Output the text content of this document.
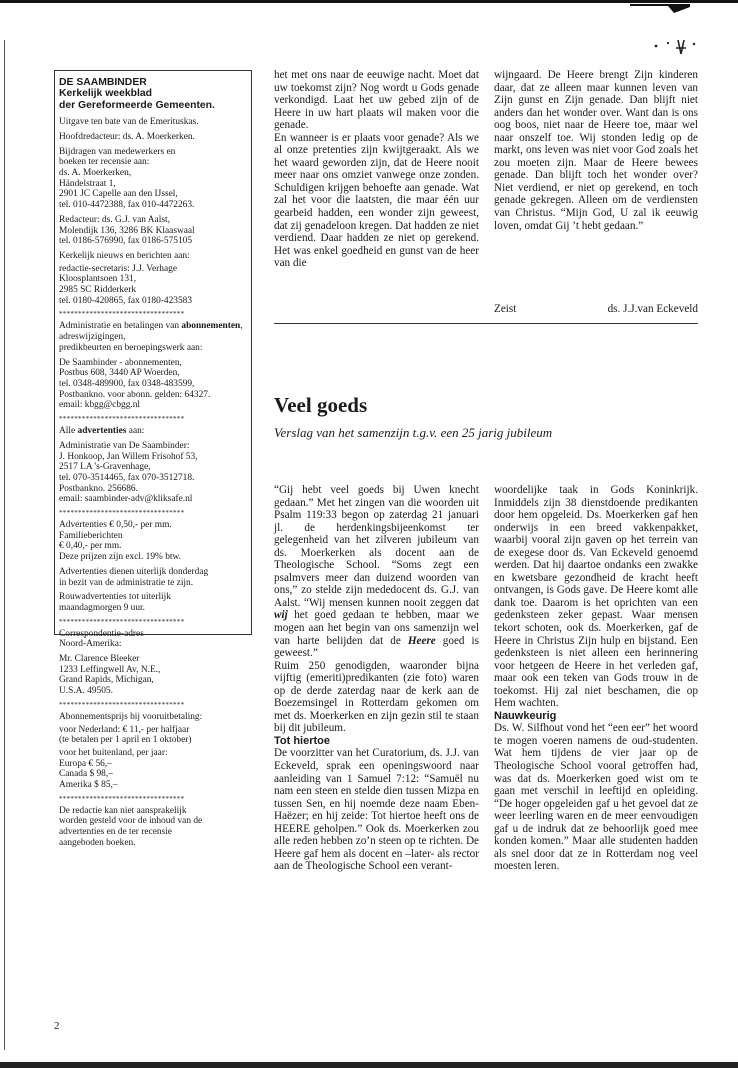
DE SAAMBINDER
Kerkelijk weekblad
der Gereformeerde Gemeenten.

Uitgave ten bate van de Emerituskas.

Hoofdredacteur: ds. A. Moerkerken.

Bijdragen van medewerkers en
boeken ter recensie aan:
ds. A. Moerkerken,
Händelstraat 1,
2901 JC Capelle aan den IJssel,
tel. 010-4472388, fax 010-4472263.

Redacteur: ds. G.J. van Aalst,
Molendijk 136, 3286 BK Klaaswaal
tel. 0186-576990, fax 0186-575105

Kerkelijk nieuws en berichten aan:

redactie-secretaris: J.J. Verhage
Kloosplantsoen 131,
2985 SC Ridderkerk
tel. 0180-420865, fax 0180-423583

*********************************

Administratie en betalingen van abonnementen, adreswijzigingen,
predikbeurten en beroepingswerk aan:

De Saambinder - abonnementen,
Postbus 608, 3440 AP Woerden,
tel. 0348-489900, fax 0348-483599,
Postbankno. voor abonn. gelden: 64327.
email: kbgg@cbgg.nl

*********************************

Alle advertenties aan:

Administratie van De Saambinder:
J. Honkoop, Jan Willem Frisohof 53,
2517 LA 's-Gravenhage,
tel. 070-3514465, fax 070-3512718.
Postbankno. 256686.
email: saambinder-adv@kliksafe.nl

*********************************

Advertenties € 0,50,- per mm.
Familieberichten
€ 0,40,- per mm.
Deze prijzen zijn excl. 19% btw.

Advertenties dienen uiterlijk donderdag
in bezit van de administratie te zijn.

Rouwadvertenties tot uiterlijk
maandagmorgen 9 uur.

*********************************

Correspondentie-adres
Noord-Amerika:

Mr. Clarence Bleeker
1233 Leffingwell Av, N.E.,
Grand Rapids, Michigan,
U.S.A. 49505.

*********************************

Abonnementsprijs bij vooruitbetaling:

voor Nederland: € 11,- per halfjaar
(te betalen per 1 april en 1 oktober)

voor het buitenland, per jaar:
Europa € 56,–
Canada $ 98,–
Amerika $ 85,–

*********************************

De redactie kan niet aansprakelijk
worden gesteld voor de inhoud van de
advertenties en de ter recensie
aangeboden boeken.

het met ons naar de eeuwige nacht. Moet dat uw toekomst zijn? Nog wordt u Gods genade verkondigd. Laat het uw gebed zijn of de Heere in uw hart plaats wil maken voor die genade.

En wanneer is er plaats voor genade? Als we al onze pretenties zijn kwijtgeraakt. Als we het waard geworden zijn, dat de Heere nooit meer naar ons omziet vanwege onze zonden. Schuldigen krijgen behoefte aan genade. Wat zal het voor die laatsten, die maar één uur gearbeid hadden, een wonder zijn geweest, dat zij genadeloon kregen. Dat hadden ze niet verdiend. Daar hadden ze niet op gerekend. Het was enkel goedheid en gunst van de heer van die

wijngaard. De Heere brengt Zijn kinderen daar, dat ze alleen maar kunnen leven van Zijn gunst en Zijn genade. Dan blijft niet anders dan het wonder over. Want dan is ons oog boos, niet naar de Heere toe, maar wel naar onszelf toe. Wij stonden ledig op de markt, ons leven was niet voor God zoals het zou moeten zijn. Maar de Heere bewees genade. Dan blijft toch het wonder over? Niet verdiend, er niet op gerekend, en toch genade gekregen. Alleen om de verdiensten van Christus. “Mijn God, U zal ik eeuwig loven, omdat Gij ’t hebt gedaan.”

Zeist	ds. J.J.van Eckeveld
Veel goeds
Verslag van het samenzijn t.g.v. een 25 jarig jubileum

“Gij hebt veel goeds bij Uwen knecht gedaan.” Met het zingen van die woorden uit Psalm 119:33 begon op zaterdag 21 januari jl. de herdenkingsbijeenkomst ter gelegenheid van het zilveren jubileum van ds. Moerkerken als docent aan de Theologische School. “Soms zegt een psalmvers meer dan duizend woorden van ons,” zo stelde zijn mededocent ds. G.J. van Aalst. “Wij mensen kunnen nooit zeggen dat wij het goed gedaan te hebben, maar we mogen aan het begin van ons samenzijn wel van harte belijden dat de Heere goed is geweest.”

Ruim 250 genodigden, waaronder bijna vijftig (emeriti)predikanten (zie foto) waren op de derde zaterdag naar de kerk aan de Boezemsingel in Rotterdam gekomen om met ds. Moerkerken en zijn gezin stil te staan bij dit jubileum.

Tot hiertoe

De voorzitter van het Curatorium, ds. J.J. van Eckeveld, sprak een openingswoord naar aanleiding van 1 Samuel 7:12: “Samuël nu nam een steen en stelde dien tussen Mizpa en tussen Sen, en hij noemde deze naam Eben-Haëzer; en hij zeide: Tot hiertoe heeft ons de HEERE geholpen.” Ook ds. Moerkerken zou alle reden hebben zo’n steen op te richten. De Heere gaf hem als docent en –later- als rector aan de Theologische School een verant-

woordelijke taak in Gods Koninkrijk. Inmiddels zijn 38 dienstdoende predikanten door hem opgeleid. Ds. Moerkerken gaf hen onderwijs in een breed vakkenpakket, waarbij vooral zijn gaven op het terrein van de exegese door ds. Van Eckeveld genoemd werden. Dat hij daartoe ondanks een zwakke en kwetsbare gezondheid de kracht heeft ontvangen, is Gods gave. De Heere komt alle dank toe. Daarom is het oprichten van een gedenksteen zeker gepast. Waar mensen tekort schoten, ook ds. Moerkerken, gaf de Heere in Christus Zijn hulp en bijstand. Een gedenksteen is niet alleen een herinnering voor hetgeen de Heere in het verleden gaf, maar ook een teken van Gods trouw in de toekomst. Hij zal niet beschamen, die op Hem wachten.

Nauwkeurig

Ds. W. Silfhout vond het “een eer” het woord te mogen voeren namens de oud-studenten. Wat hem tijdens de vier jaar op de Theologische School vooral getroffen had, was dat ds. Moerkerken goed wist om te gaan met verschil in leeftijd en opleiding. “De hoger opgeleiden gaf u het gevoel dat ze weer leerling waren en de meer eenvoudigen gaf u de indruk dat ze behoorlijk goed mee konden komen.” Maar alle studenten hadden als snel door dat ze in Rotterdam nog veel moesten leren.

2
